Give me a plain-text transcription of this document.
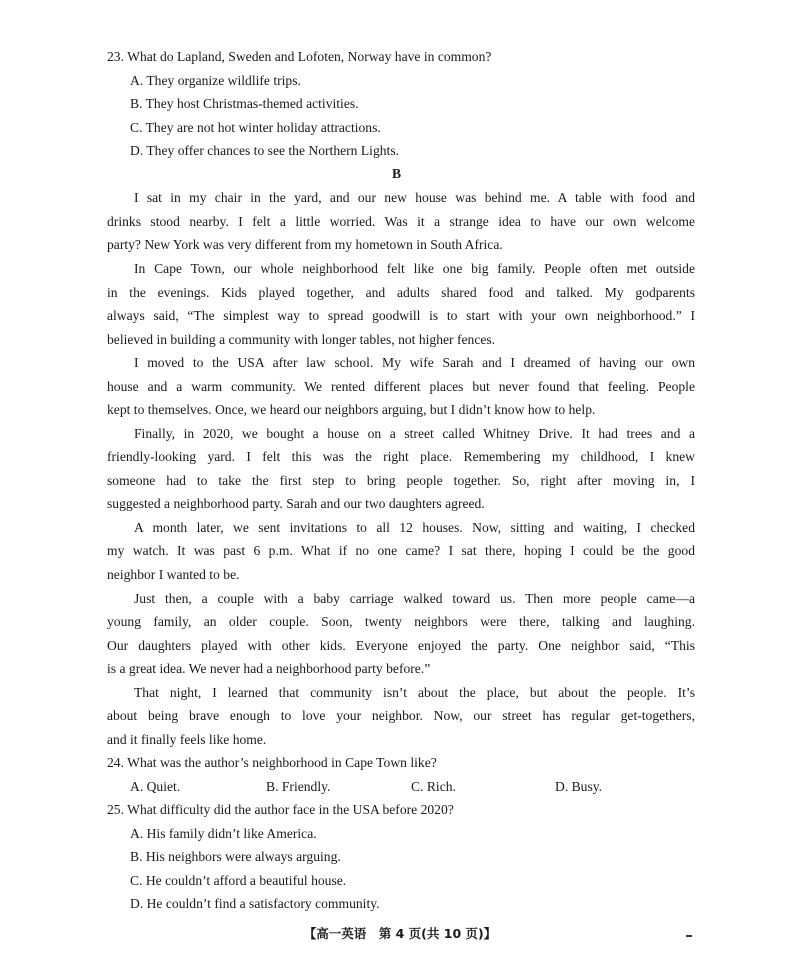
23. What do Lapland, Sweden and Lofoten, Norway have in common?
A. They organize wildlife trips.
B. They host Christmas-themed activities.
C. They are not hot winter holiday attractions.
D. They offer chances to see the Northern Lights.
B
I sat in my chair in the yard, and our new house was behind me. A table with food and
drinks stood nearby. I felt a little worried. Was it a strange idea to have our own welcome
party? New York was very different from my hometown in South Africa.
In Cape Town, our whole neighborhood felt like one big family. People often met outside
in the evenings. Kids played together, and adults shared food and talked. My godparents
always said, “The simplest way to spread goodwill is to start with your own neighborhood.” I
believed in building a community with longer tables, not higher fences.
I moved to the USA after law school. My wife Sarah and I dreamed of having our own
house and a warm community. We rented different places but never found that feeling. People
kept to themselves. Once, we heard our neighbors arguing, but I didn’t know how to help.
Finally, in 2020, we bought a house on a street called Whitney Drive. It had trees and a
friendly-looking yard. I felt this was the right place. Remembering my childhood, I knew
someone had to take the first step to bring people together. So, right after moving in, I
suggested a neighborhood party. Sarah and our two daughters agreed.
A month later, we sent invitations to all 12 houses. Now, sitting and waiting, I checked
my watch. It was past 6 p.m. What if no one came? I sat there, hoping I could be the good
neighbor I wanted to be.
Just then, a couple with a baby carriage walked toward us. Then more people came—a
young family, an older couple. Soon, twenty neighbors were there, talking and laughing.
Our daughters played with other kids. Everyone enjoyed the party. One neighbor said, “This
is a great idea. We never had a neighborhood party before.”
That night, I learned that community isn’t about the place, but about the people. It’s
about being brave enough to love your neighbor. Now, our street has regular get-togethers,
and it finally feels like home.
24. What was the author’s neighborhood in Cape Town like?
A. Quiet.	B. Friendly.	C. Rich.	D. Busy.
25. What difficulty did the author face in the USA before 2020?
A. His family didn’t like America.
B. His neighbors were always arguing.
C. He couldn’t afford a beautiful house.
D. He couldn’t find a satisfactory community.
【高一英语　第 4 页(共 10 页)】
